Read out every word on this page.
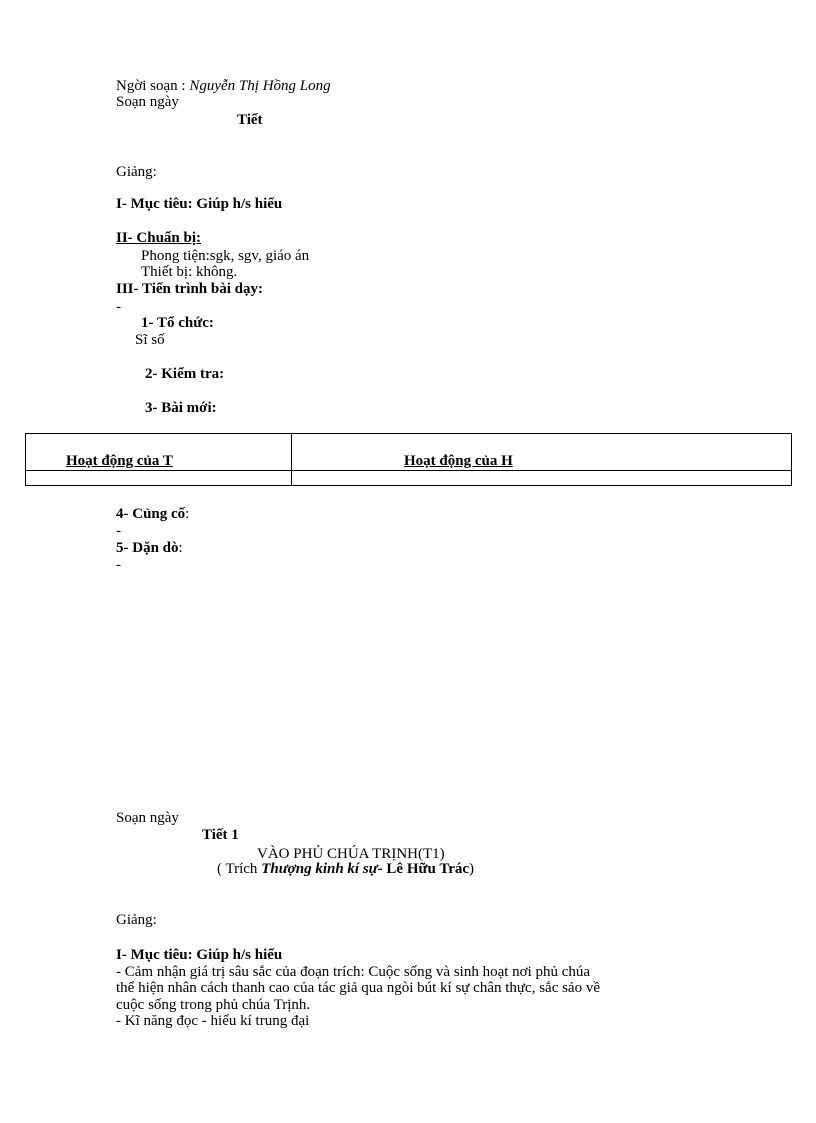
Ngời soạn : Nguyễn Thị Hồng Long
Soạn ngày
Tiết
Giảng:
I- Mục tiêu: Giúp h/s hiểu
II- Chuẩn bị:
Phong tiện:sgk, sgv, giáo án
Thiết bị: không.
III- Tiến trình bài dạy:
-
1- Tổ chức:
Sĩ số
2- Kiểm tra:
3- Bài mới:
Hoạt động của T	Hoạt động của H
4- Củng cố:
-
5- Dặn dò:
-
Soạn ngày
Tiết 1
VÀO PHỦ CHÚA TRỊNH(T1)
( Trích Thượng kinh kí sự- Lê Hữu Trác)
Giảng:
I- Mục tiêu: Giúp h/s hiểu
- Cảm nhận giá trị sâu sắc của đoạn trích: Cuộc sống và sinh hoạt nơi phủ chúa
thể hiện nhân cách thanh cao của tác giả qua ngòi bút kí sự chân thực, sắc sảo về
cuộc sống trong phủ chúa Trịnh.
- Kĩ năng đọc - hiểu kí trung đại
